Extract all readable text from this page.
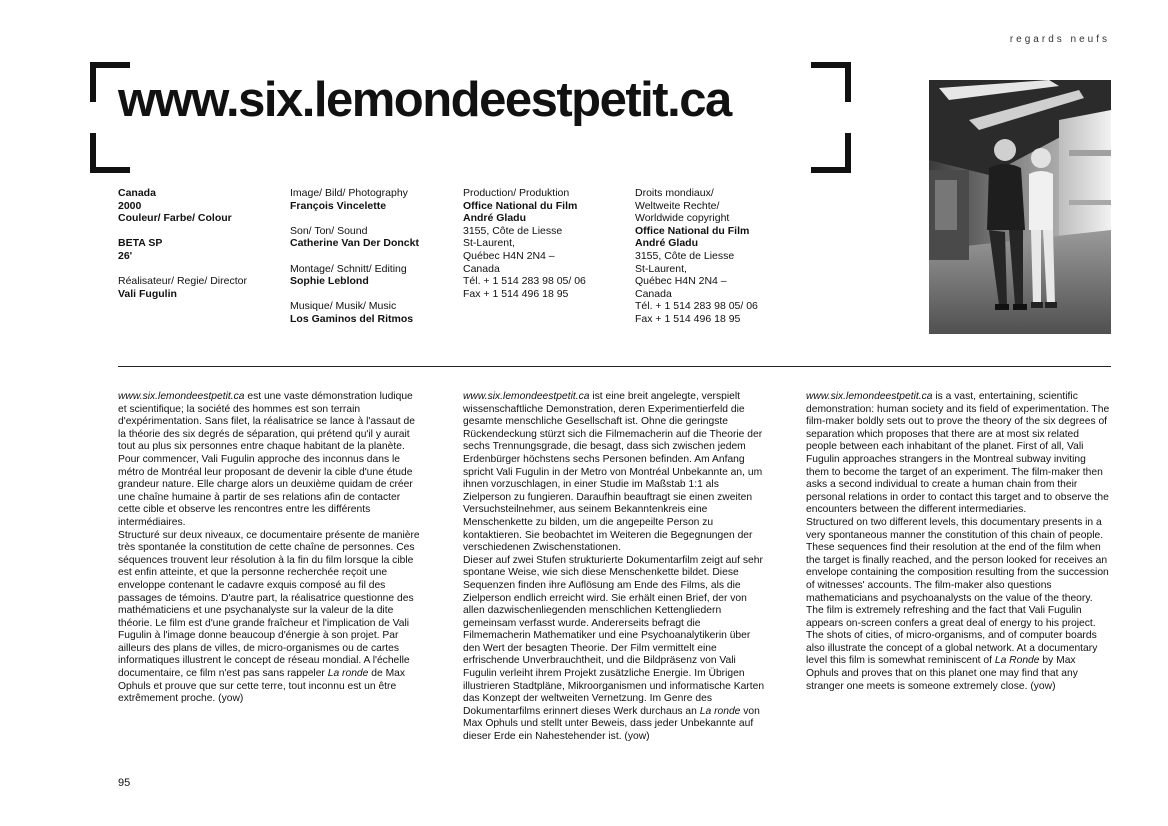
regards neufs
www.six.lemondeestpetit.ca
Canada
2000
Couleur/ Farbe/ Colour
BETA SP
26'
Réalisateur/ Regie/ Director
Vali Fugulin
Image/ Bild/ Photography
François Vincelette
Son/ Ton/ Sound
Catherine Van Der Donckt
Montage/ Schnitt/ Editing
Sophie Leblond
Musique/ Musik/ Music
Los Gaminos del Ritmos
Production/ Produktion
Office National du Film
André Gladu
3155, Côte de Liesse
St-Laurent,
Québec H4N 2N4 –
Canada
Tél. + 1 514 283 98 05/ 06
Fax + 1 514 496 18 95
Droits mondiaux/
Weltweite Rechte/
Worldwide copyright
Office National du Film
André Gladu
3155, Côte de Liesse
St-Laurent,
Québec H4N 2N4 –
Canada
Tél. + 1 514 283 98 05/ 06
Fax + 1 514 496 18 95

www.six.lemondeestpetit.ca est une vaste démonstration ludique et scientifique; la société des hommes est son terrain d'expérimentation. Sans filet, la réalisatrice se lance à l'assaut de la théorie des six degrés de séparation, qui prétend qu'il y aurait tout au plus six personnes entre chaque habitant de la planète. Pour commencer, Vali Fugulin approche des inconnus dans le métro de Montréal leur proposant de devenir la cible d'une étude grandeur nature. Elle charge alors un deuxième quidam de créer une chaîne humaine à partir de ses relations afin de contacter cette cible et observe les rencontres entre les différents intermédiaires.

Structuré sur deux niveaux, ce documentaire présente de manière très spontanée la constitution de cette chaîne de personnes. Ces séquences trouvent leur résolution à la fin du film lorsque la cible est enfin atteinte, et que la personne recherchée reçoit une enveloppe contenant le cadavre exquis composé au fil des passages de témoins. D'autre part, la réalisatrice questionne des mathématiciens et une psychanalyste sur la valeur de la dite théorie. Le film est d'une grande fraîcheur et l'implication de Vali Fugulin à l'image donne beaucoup d'énergie à son projet. Par ailleurs des plans de villes, de micro-organismes ou de cartes informatiques illustrent le concept de réseau mondial. A l'échelle documentaire, ce film n'est pas sans rappeler La ronde de Max Ophuls et prouve que sur cette terre, tout inconnu est un être extrêmement proche. (yow)

www.six.lemondeestpetit.ca ist eine breit angelegte, verspielt wissenschaftliche Demonstration, deren Experimentierfeld die gesamte menschliche Gesellschaft ist. Ohne die geringste Rückendeckung stürzt sich die Filmemacherin auf die Theorie der sechs Trennungsgrade, die besagt, dass sich zwischen jedem Erdenbürger höchstens sechs Personen befinden. Am Anfang spricht Vali Fugulin in der Metro von Montréal Unbekannte an, um ihnen vorzuschlagen, in einer Studie im Maßstab 1:1 als Zielperson zu fungieren. Daraufhin beauftragt sie einen zweiten Versuchsteilnehmer, aus seinem Bekanntenkreis eine Menschenkette zu bilden, um die angepeilte Person zu kontaktieren. Sie beobachtet im Weiteren die Begegnungen der verschiedenen Zwischenstationen.

Dieser auf zwei Stufen strukturierte Dokumentarfilm zeigt auf sehr spontane Weise, wie sich diese Menschenkette bildet. Diese Sequenzen finden ihre Auflösung am Ende des Films, als die Zielperson endlich erreicht wird. Sie erhält einen Brief, der von allen dazwischenliegenden menschlichen Kettengliedern gemeinsam verfasst wurde. Andererseits befragt die Filmemacherin Mathematiker und eine Psychoanalytikerin über den Wert der besagten Theorie. Der Film vermittelt eine erfrischende Unverbrauchtheit, und die Bildpräsenz von Vali Fugulin verleiht ihrem Projekt zusätzliche Energie. Im Übrigen illustrieren Stadtpläne, Mikroorganismen und informatische Karten das Konzept der weltweiten Vernetzung. Im Genre des Dokumentarfilms erinnert dieses Werk durchaus an La ronde von Max Ophuls und stellt unter Beweis, dass jeder Unbekannte auf dieser Erde ein Nahestehender ist. (yow)

www.six.lemondeestpetit.ca is a vast, entertaining, scientific demonstration: human society and its field of experimentation. The film-maker boldly sets out to prove the theory of the six degrees of separation which proposes that there are at most six related people between each inhabitant of the planet. First of all, Vali Fugulin approaches strangers in the Montreal subway inviting them to become the target of an experiment. The film-maker then asks a second individual to create a human chain from their personal relations in order to contact this target and to observe the encounters between the different intermediaries.

Structured on two different levels, this documentary presents in a very spontaneous manner the constitution of this chain of people. These sequences find their resolution at the end of the film when the target is finally reached, and the person looked for receives an envelope containing the composition resulting from the succession of witnesses' accounts. The film-maker also questions mathematicians and psychoanalysts on the value of the theory. The film is extremely refreshing and the fact that Vali Fugulin appears on-screen confers a great deal of energy to his project. The shots of cities, of micro-organisms, and of computer boards also illustrate the concept of a global network. At a documentary level this film is somewhat reminiscent of La Ronde by Max Ophuls and proves that on this planet one may find that any stranger one meets is someone extremely close. (yow)

95
